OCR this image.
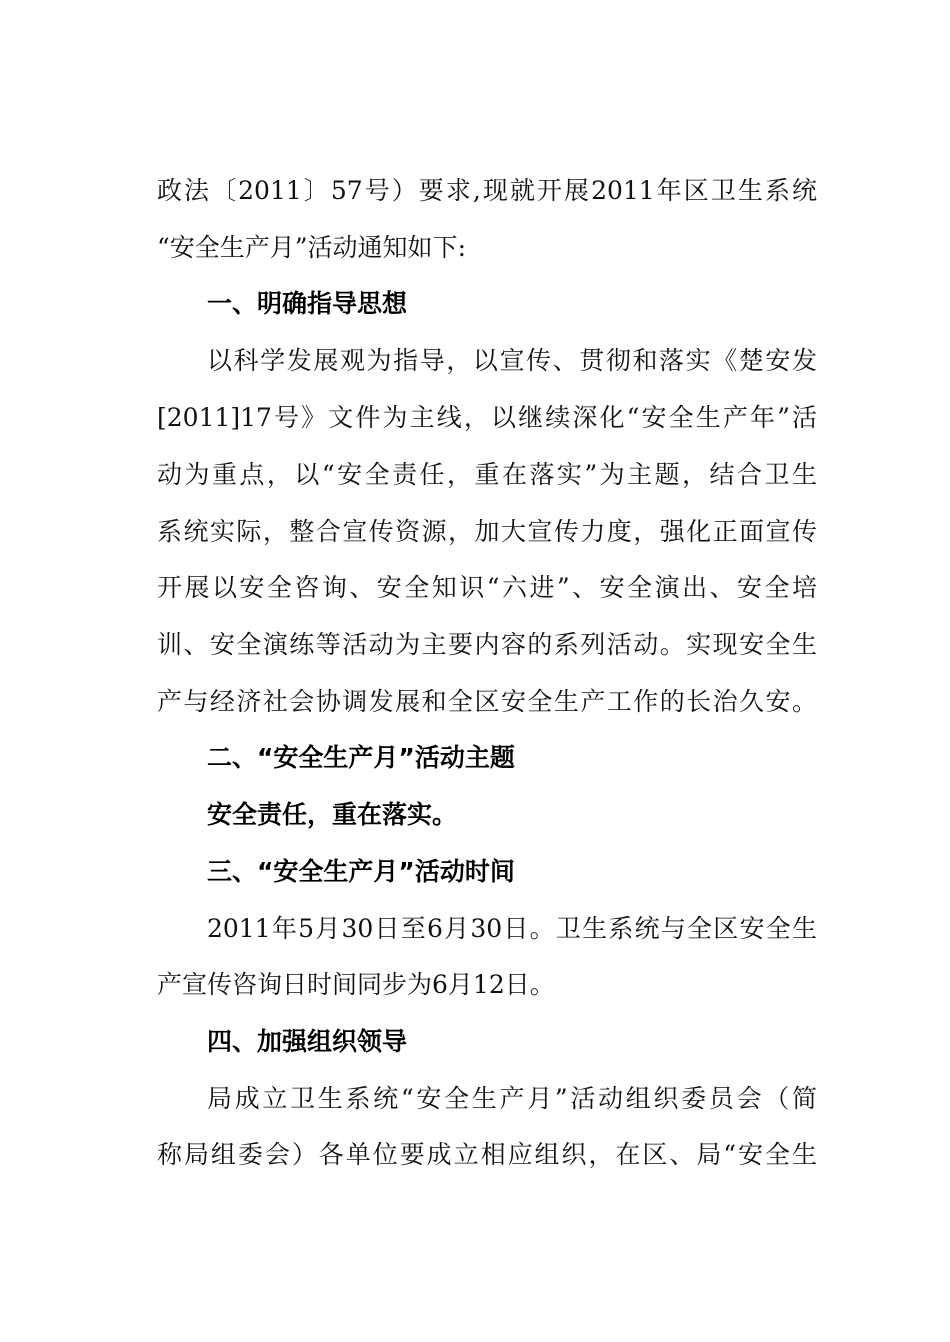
政法〔2011〕57号）要求,现就开展2011年区卫生系统
“安全生产月”活动通知如下:
一、明确指导思想
以科学发展观为指导，以宣传、贯彻和落实《楚安发
[2011]17号》文件为主线，以继续深化“安全生产年”活
动为重点，以“安全责任，重在落实”为主题，结合卫生
系统实际，整合宣传资源，加大宣传力度，强化正面宣传
开展以安全咨询、安全知识“六进”、安全演出、安全培
训、安全演练等活动为主要内容的系列活动。实现安全生
产与经济社会协调发展和全区安全生产工作的长治久安。
二、“安全生产月”活动主题
安全责任，重在落实。
三、“安全生产月”活动时间
2011年5月30日至6月30日。卫生系统与全区安全生
产宣传咨询日时间同步为6月12日。
四、加强组织领导
局成立卫生系统“安全生产月”活动组织委员会（简
称局组委会）各单位要成立相应组织，在区、局“安全生
